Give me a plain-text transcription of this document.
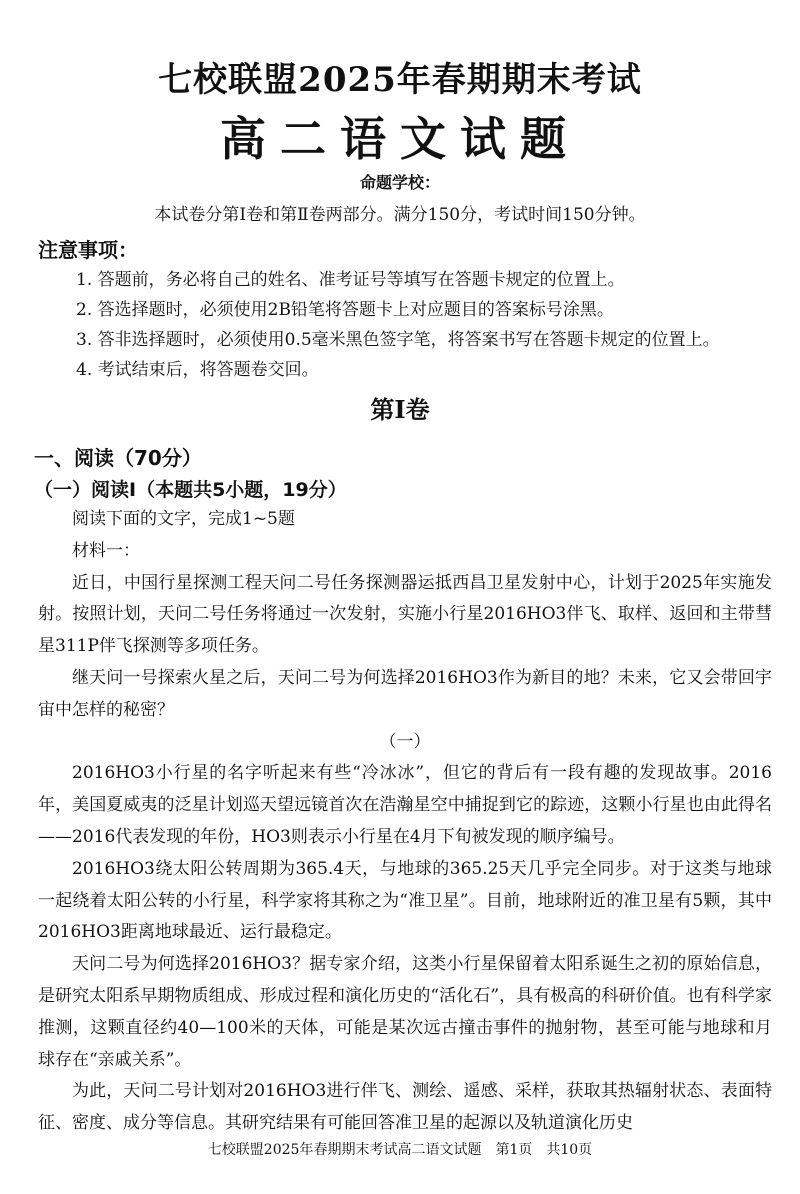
七校联盟2025年春期期末考试
高二语文试题
命题学校：
本试卷分第Ⅰ卷和第Ⅱ卷两部分。满分150分，考试时间150分钟。
注意事项：
1. 答题前，务必将自己的姓名、准考证号等填写在答题卡规定的位置上。
2. 答选择题时，必须使用2B铅笔将答题卡上对应题目的答案标号涂黑。
3. 答非选择题时，必须使用0.5毫米黑色签字笔，将答案书写在答题卡规定的位置上。
4. 考试结束后，将答题卷交回。
第Ⅰ卷
一、阅读（70分）
（一）阅读Ⅰ（本题共5小题，19分）

阅读下面的文字，完成1~5题

材料一：

近日，中国行星探测工程天问二号任务探测器运抵西昌卫星发射中心，计划于2025年实施发射。按照计划，天问二号任务将通过一次发射，实施小行星2016HO3伴飞、取样、返回和主带彗星311P伴飞探测等多项任务。

继天问一号探索火星之后，天问二号为何选择2016HO3作为新目的地？未来，它又会带回宇宙中怎样的秘密？

（一）

2016HO3小行星的名字听起来有些“冷冰冰”，但它的背后有一段有趣的发现故事。2016年，美国夏威夷的泛星计划巡天望远镜首次在浩瀚星空中捕捉到它的踪迹，这颗小行星也由此得名——2016代表发现的年份，HO3则表示小行星在4月下旬被发现的顺序编号。

2016HO3绕太阳公转周期为365.4天，与地球的365.25天几乎完全同步。对于这类与地球一起绕着太阳公转的小行星，科学家将其称之为“准卫星”。目前，地球附近的准卫星有5颗，其中2016HO3距离地球最近、运行最稳定。

天问二号为何选择2016HO3？据专家介绍，这类小行星保留着太阳系诞生之初的原始信息，是研究太阳系早期物质组成、形成过程和演化历史的“活化石”，具有极高的科研价值。也有科学家推测，这颗直径约40—100米的天体，可能是某次远古撞击事件的抛射物，甚至可能与地球和月球存在“亲戚关系”。

为此，天问二号计划对2016HO3进行伴飞、测绘、遥感、采样，获取其热辐射状态、表面特征、密度、成分等信息。其研究结果有可能回答准卫星的起源以及轨道演化历史

七校联盟2025年春期期末考试高二语文试题　第1页　共10页
